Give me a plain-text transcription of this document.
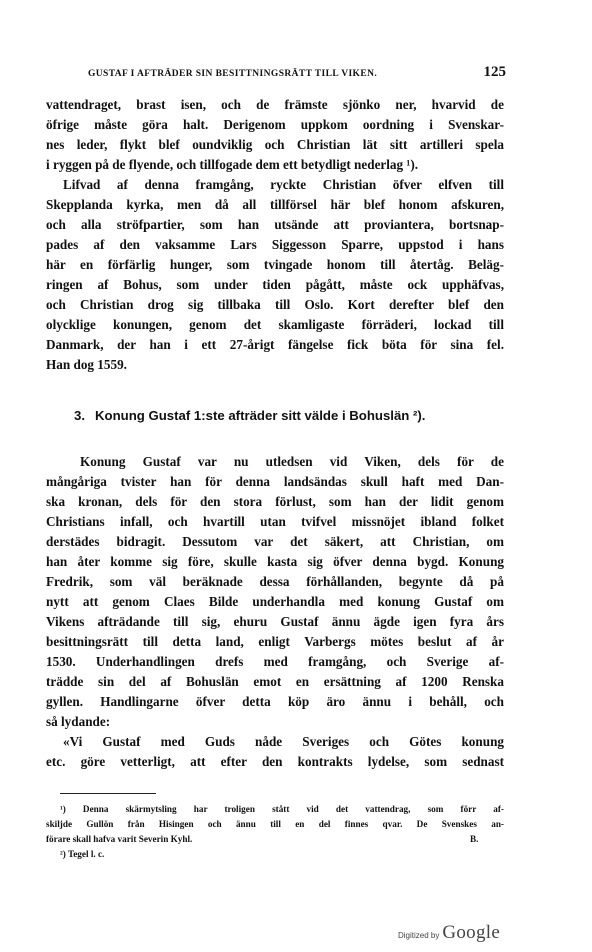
GUSTAF I AFTRÄDER SIN BESITTNINGSRÄTT TILL VIKEN.	125
vattendraget, brast isen, och de främste sjönko ner, hvarvid de
öfrige måste göra halt. Derigenom uppkom oordning i Svenskar-
nes leder, flykt blef oundviklig och Christian lät sitt artilleri spela
i ryggen på de flyende, och tillfogade dem ett betydligt nederlag ¹).
Lifvad af denna framgång, ryckte Christian öfver elfven till
Skepplanda kyrka, men då all tillförsel här blef honom afskuren,
och alla ströfpartier, som han utsände att proviantera, bortsnap-
pades af den vaksamme Lars Siggesson Sparre, uppstod i hans
här en förfärlig hunger, som tvingade honom till återtåg. Beläg-
ringen af Bohus, som under tiden pågått, måste ock upphäfvas,
och Christian drog sig tillbaka till Oslo. Kort derefter blef den
olycklige konungen, genom det skamligaste förräderi, lockad till
Danmark, der han i ett 27-årigt fängelse fick böta för sina fel.
Han dog 1559.
3. Konung Gustaf 1:ste afträder sitt välde i Bohuslän ²).
Konung Gustaf var nu utledsen vid Viken, dels för de
mångåriga tvister han för denna landsändas skull haft med Dan-
ska kronan, dels för den stora förlust, som han der lidit genom
Christians infall, och hvartill utan tvifvel missnöjet ibland folket
derstädes bidragit. Dessutom var det säkert, att Christian, om
han åter komme sig före, skulle kasta sig öfver denna bygd. Konung
Fredrik, som väl beräknade dessa förhållanden, begynte då på
nytt att genom Claes Bilde underhandla med konung Gustaf om
Vikens afträdande till sig, ehuru Gustaf ännu ägde igen fyra års
besittningsrätt till detta land, enligt Varbergs mötes beslut af år
1530. Underhandlingen drefs med framgång, och Sverige af-
trädde sin del af Bohuslän emot en ersättning af 1200 Renska
gyllen. Handlingarne öfver detta köp äro ännu i behåll, och
så lydande:
«Vi Gustaf med Guds nåde Sveriges och Götes konung
etc. göre vetterligt, att efter den kontrakts lydelse, som sednast
¹) Denna skärmytsling har troligen stått vid det vattendrag, som förr af-
skiljde Gullön från Hisingen och ännu till en del finnes qvar. De Svenskes an-
förare skall hafva varit Severin Kyhl.	B.
²) Tegel l. c.
Digitized by Google
